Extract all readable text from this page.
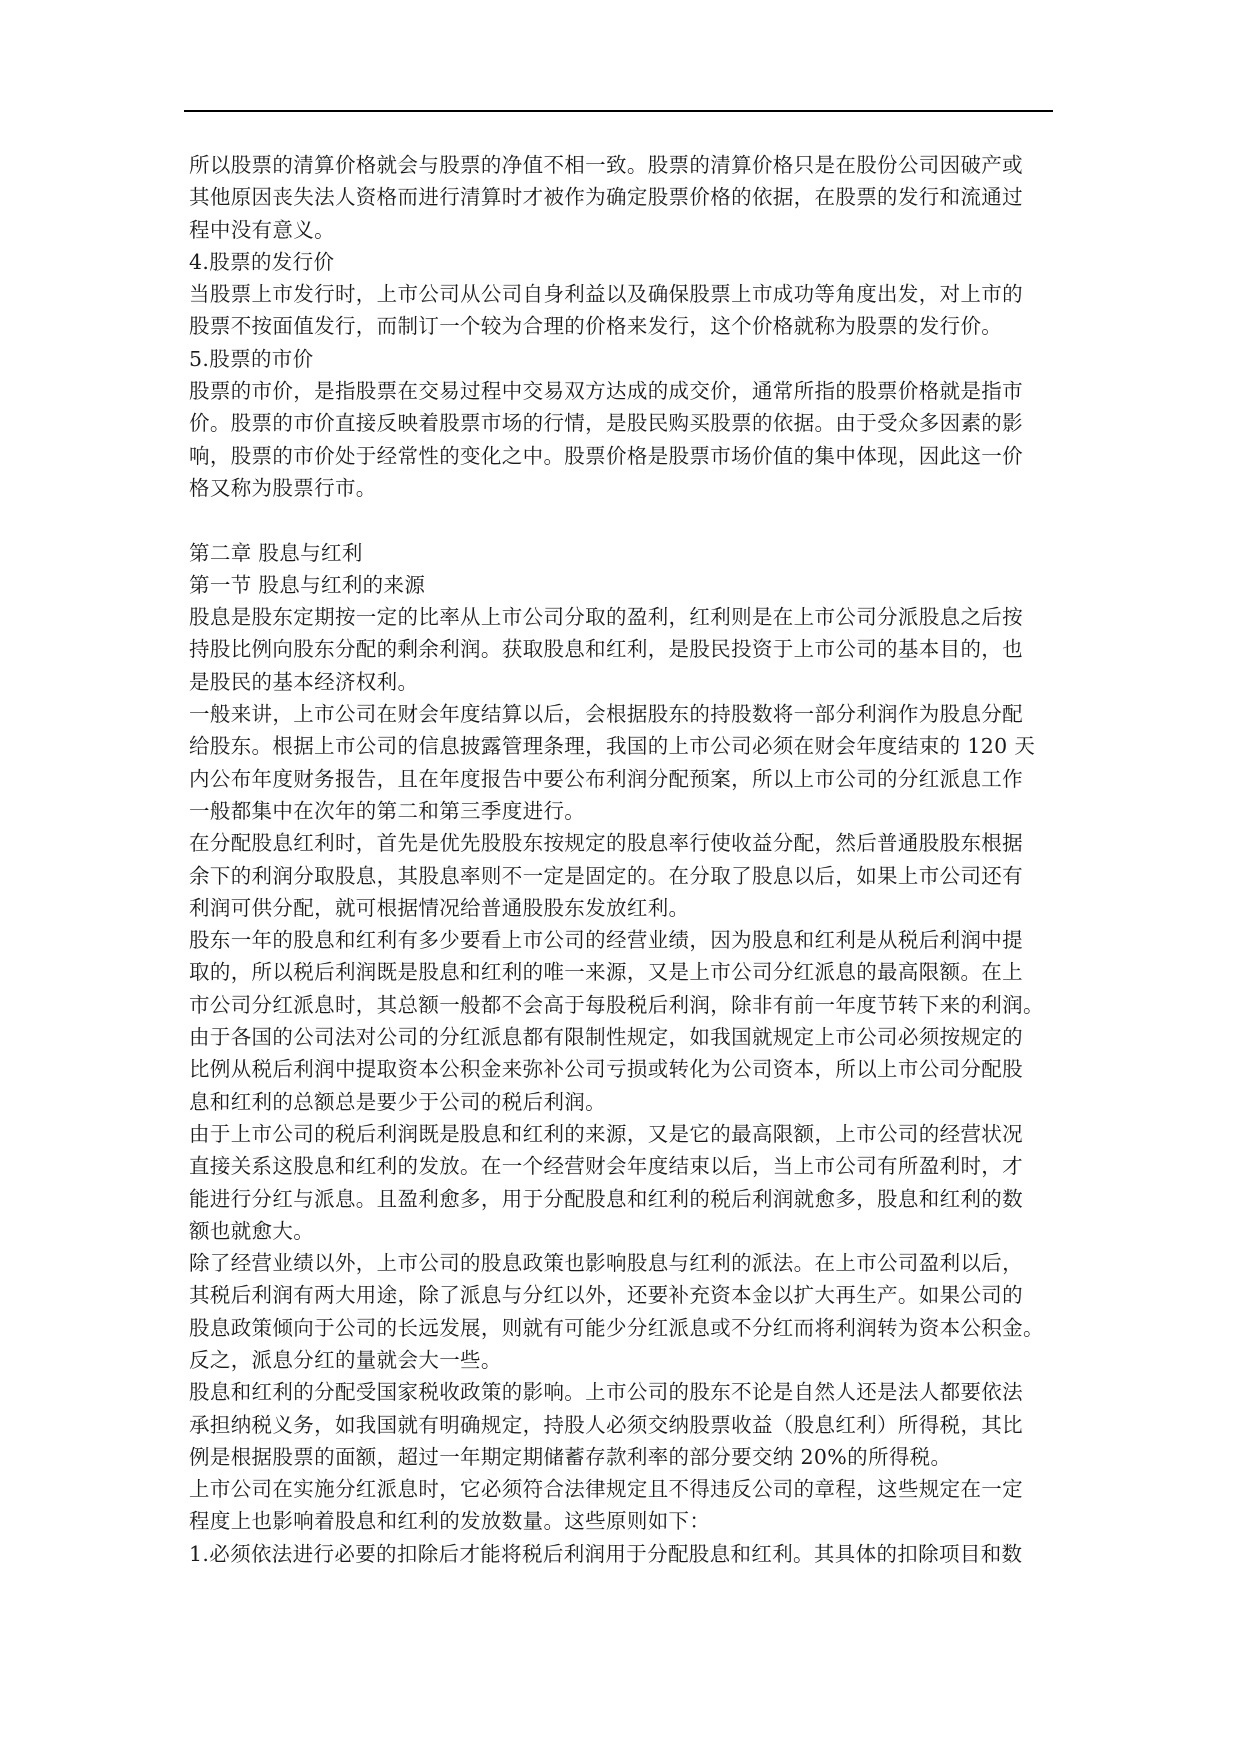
所以股票的清算价格就会与股票的净值不相一致。股票的清算价格只是在股份公司因破产或
其他原因丧失法人资格而进行清算时才被作为确定股票价格的依据，在股票的发行和流通过
程中没有意义。
4.股票的发行价
当股票上市发行时，上市公司从公司自身利益以及确保股票上市成功等角度出发，对上市的
股票不按面值发行，而制订一个较为合理的价格来发行，这个价格就称为股票的发行价。
5.股票的市价
股票的市价，是指股票在交易过程中交易双方达成的成交价，通常所指的股票价格就是指市
价。股票的市价直接反映着股票市场的行情，是股民购买股票的依据。由于受众多因素的影
响，股票的市价处于经常性的变化之中。股票价格是股票市场价值的集中体现，因此这一价
格又称为股票行市。
第二章 股息与红利
第一节 股息与红利的来源
股息是股东定期按一定的比率从上市公司分取的盈利，红利则是在上市公司分派股息之后按
持股比例向股东分配的剩余利润。获取股息和红利，是股民投资于上市公司的基本目的，也
是股民的基本经济权利。
一般来讲，上市公司在财会年度结算以后，会根据股东的持股数将一部分利润作为股息分配
给股东。根据上市公司的信息披露管理条理，我国的上市公司必须在财会年度结束的 120 天
内公布年度财务报告，且在年度报告中要公布利润分配预案，所以上市公司的分红派息工作
一般都集中在次年的第二和第三季度进行。
在分配股息红利时，首先是优先股股东按规定的股息率行使收益分配，然后普通股股东根据
余下的利润分取股息，其股息率则不一定是固定的。在分取了股息以后，如果上市公司还有
利润可供分配，就可根据情况给普通股股东发放红利。
股东一年的股息和红利有多少要看上市公司的经营业绩，因为股息和红利是从税后利润中提
取的，所以税后利润既是股息和红利的唯一来源，又是上市公司分红派息的最高限额。在上
市公司分红派息时，其总额一般都不会高于每股税后利润，除非有前一年度节转下来的利润。
由于各国的公司法对公司的分红派息都有限制性规定，如我国就规定上市公司必须按规定的
比例从税后利润中提取资本公积金来弥补公司亏损或转化为公司资本，所以上市公司分配股
息和红利的总额总是要少于公司的税后利润。
由于上市公司的税后利润既是股息和红利的来源，又是它的最高限额，上市公司的经营状况
直接关系这股息和红利的发放。在一个经营财会年度结束以后，当上市公司有所盈利时，才
能进行分红与派息。且盈利愈多，用于分配股息和红利的税后利润就愈多，股息和红利的数
额也就愈大。
除了经营业绩以外，上市公司的股息政策也影响股息与红利的派法。在上市公司盈利以后，
其税后利润有两大用途，除了派息与分红以外，还要补充资本金以扩大再生产。如果公司的
股息政策倾向于公司的长远发展，则就有可能少分红派息或不分红而将利润转为资本公积金。
反之，派息分红的量就会大一些。
股息和红利的分配受国家税收政策的影响。上市公司的股东不论是自然人还是法人都要依法
承担纳税义务，如我国就有明确规定，持股人必须交纳股票收益（股息红利）所得税，其比
例是根据股票的面额，超过一年期定期储蓄存款利率的部分要交纳 20%的所得税。
上市公司在实施分红派息时，它必须符合法律规定且不得违反公司的章程，这些规定在一定
程度上也影响着股息和红利的发放数量。这些原则如下：
1.必须依法进行必要的扣除后才能将税后利润用于分配股息和红利。其具体的扣除项目和数
